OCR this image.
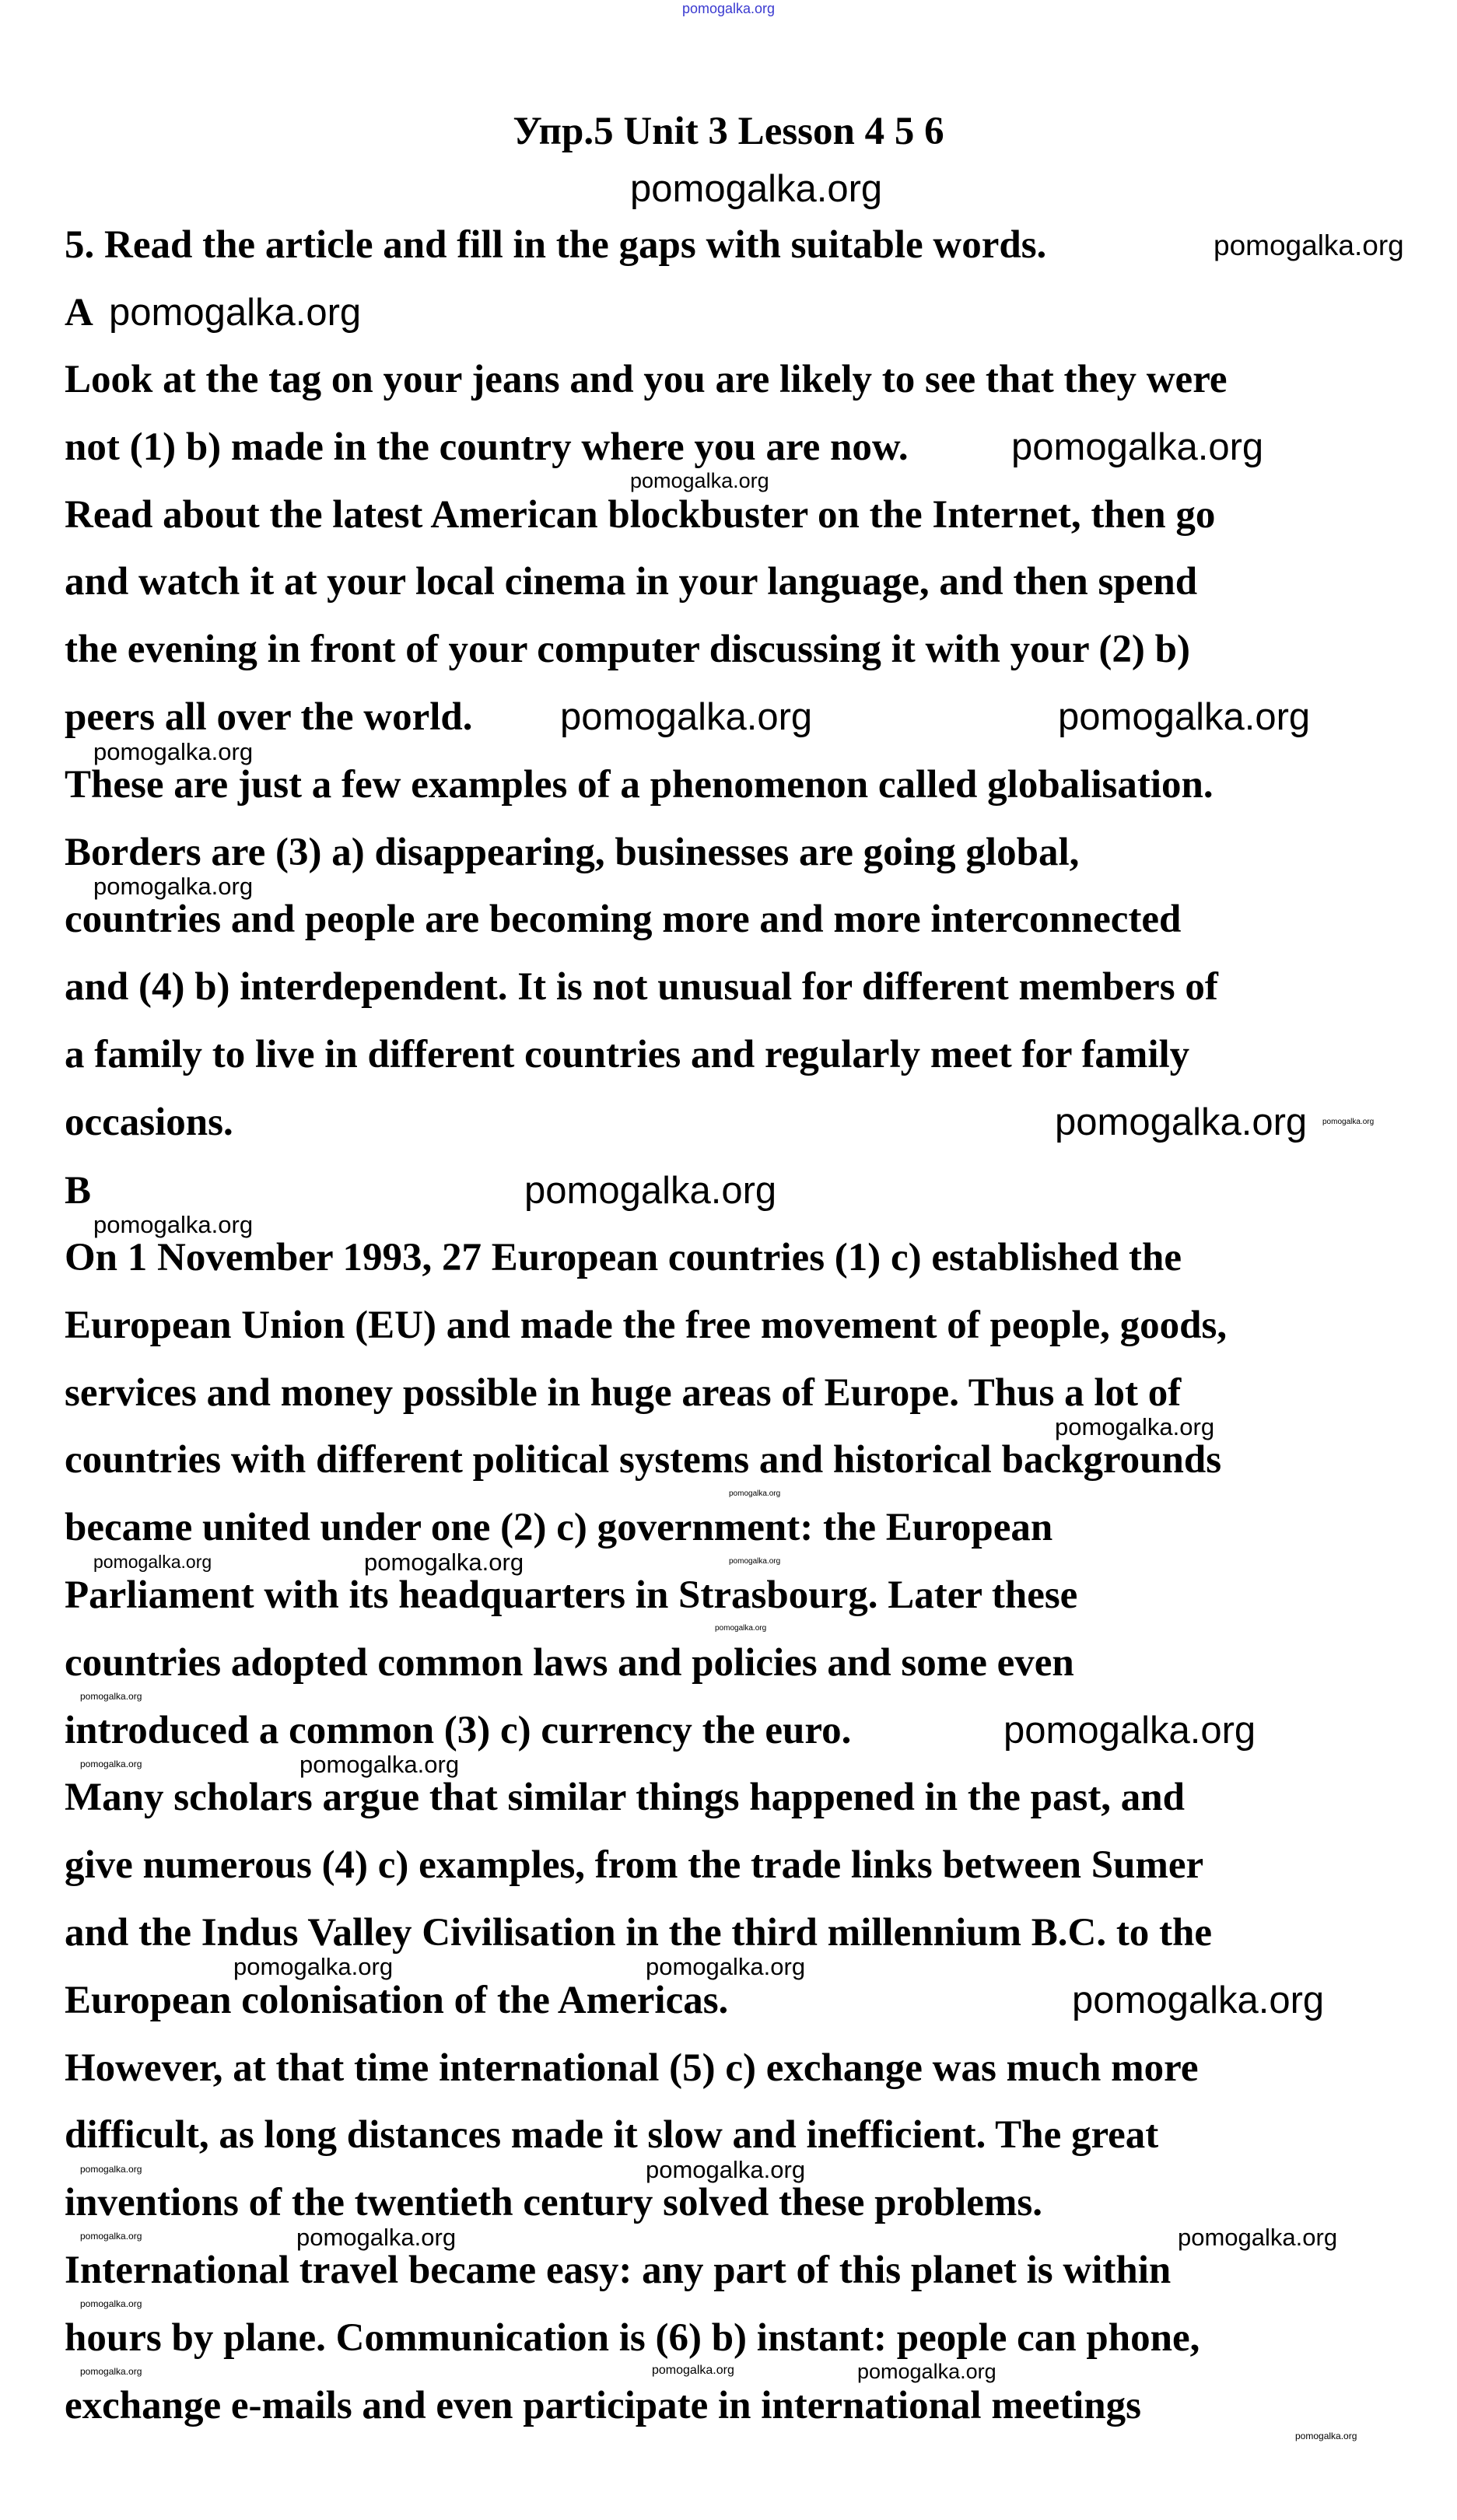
Упр.5 Unit 3 Lesson 4 5 6
5. Read the article and fill in the gaps with suitable words.
A
Look at the tag on your jeans and you are likely to see that they were
not (1) b) made in the country where you are now.
Read about the latest American blockbuster on the Internet, then go
and watch it at your local cinema in your language, and then spend
the evening in front of your computer discussing it with your (2) b)
peers all over the world.
These are just a few examples of a phenomenon called globalisation.
Borders are (3) a) disappearing, businesses are going global,
countries and people are becoming more and more interconnected
and (4) b) interdependent. It is not unusual for different members of
a family to live in different countries and regularly meet for family
occasions.
B
On 1 November 1993, 27 European countries (1) c) established the
European Union (EU) and made the free movement of people, goods,
services and money possible in huge areas of Europe. Thus a lot of
countries with different political systems and historical backgrounds
became united under one (2) c) government: the European
Parliament with its headquarters in Strasbourg. Later these
countries adopted common laws and policies and some even
introduced a common (3) c) currency the euro.
Many scholars argue that similar things happened in the past, and
give numerous (4) c) examples, from the trade links between Sumer
and the Indus Valley Civilisation in the third millennium B.C. to the
European colonisation of the Americas.
However, at that time international (5) c) exchange was much more
difficult, as long distances made it slow and inefficient. The great
inventions of the twentieth century solved these problems.
International travel became easy: any part of this planet is within
hours by plane. Communication is (6) b) instant: people can phone,
exchange e-mails and even participate in international meetings
pomogalka.org
pomogalka.org
pomogalka.org
pomogalka.org
pomogalka.org
pomogalka.org
pomogalka.org
pomogalka.org
pomogalka.org	pomogalka.org	pomogalka.org
pomogalka.org
pomogalka.org
pomogalka.org
pomogalka.org
pomogalka.org	pomogalka.org
pomogalka.org	pomogalka.org
pomogalka.org	pomogalka.org	pomogalka.org
pomogalka.org
pomogalka.org	pomogalka.org	pomogalka.org
pomogalka.org
pomogalka.org
pomogalka.org
pomogalka.org
pomogalka.org	pomogalka.org
pomogalka.org pomogalka.org
pomogalka.org
pomogalka.org
pomogalka.org
